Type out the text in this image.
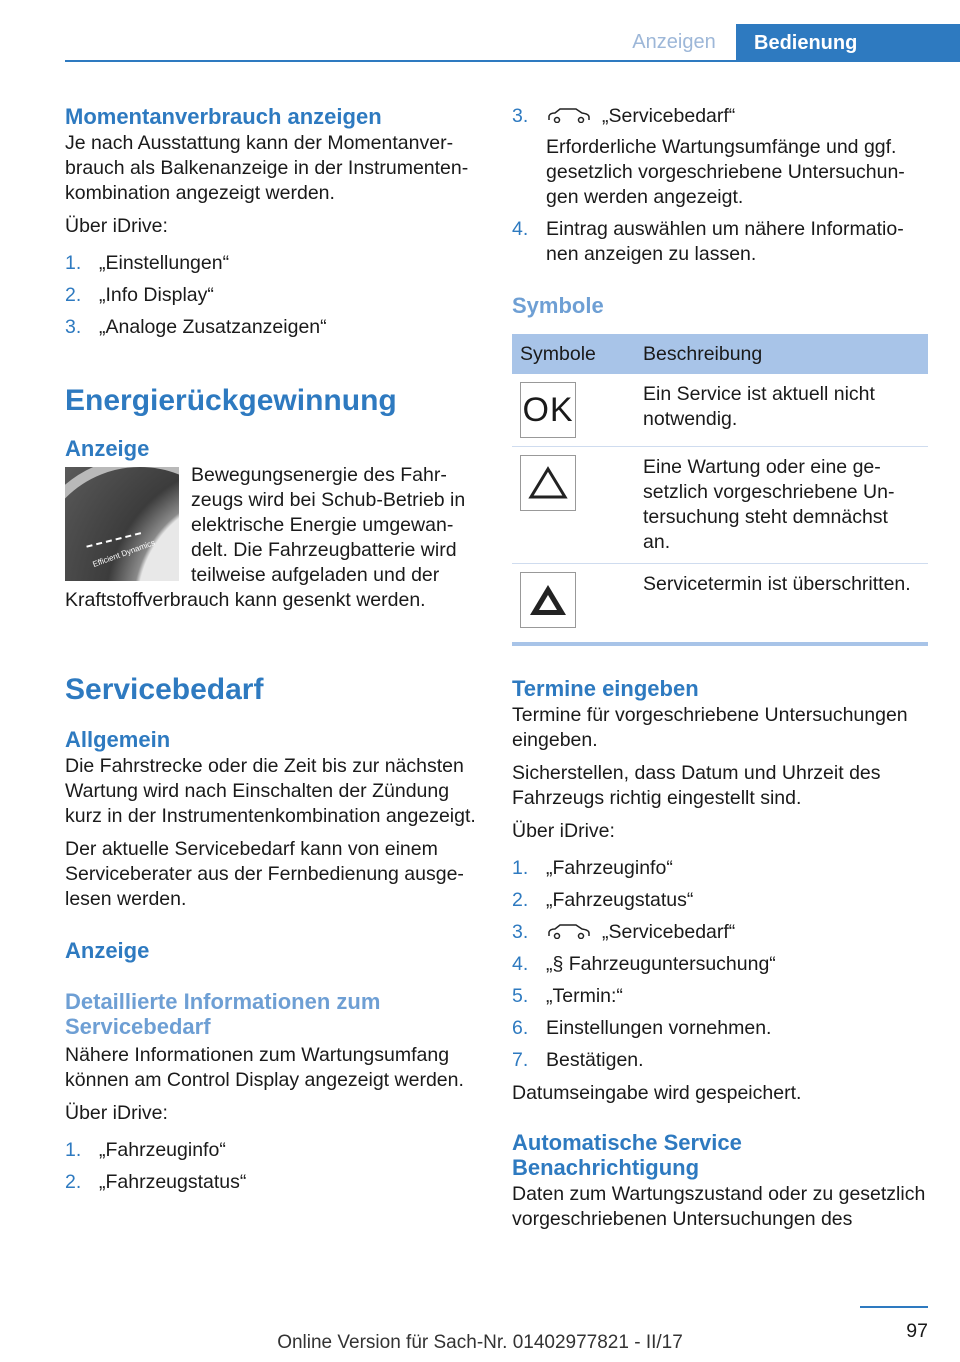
Anzeigen	Bedienung
Momentanverbrauch anzeigen

Je nach Ausstattung kann der Momentanverbrauch als Balkenanzeige in der Instrumentenkombination angezeigt werden.

Über iDrive:

1. „Einstellungen“
2. „Info Display“
3. „Analoge Zusatzanzeigen“
Energierückgewinnung
Anzeige
Efficient Dynamics

Bewegungsenergie des Fahrzeugs wird bei Schub-Betrieb in elektrische Energie umgewandelt. Die Fahrzeugbatterie wird teilweise aufgeladen und der Kraftstoffverbrauch kann gesenkt werden.

Servicebedarf
Allgemein

Die Fahrstrecke oder die Zeit bis zur nächsten Wartung wird nach Einschalten der Zündung kurz in der Instrumentenkombination angezeigt.

Der aktuelle Servicebedarf kann von einem Serviceberater aus der Fernbedienung ausgelesen werden.

Anzeige
Detaillierte Informationen zum Servicebedarf

Nähere Informationen zum Wartungsumfang können am Control Display angezeigt werden.

Über iDrive:

1. „Fahrzeuginfo“
2. „Fahrzeugstatus“
3.	„Servicebedarf“

Erforderliche Wartungsumfänge und ggf. gesetzlich vorgeschriebene Untersuchungen werden angezeigt.
4. Eintrag auswählen um nähere Informationen anzeigen zu lassen.
Symbole
Symbole	Beschreibung

OK	Ein Service ist aktuell nicht notwendig.

	Eine Wartung oder eine gesetzlich vorgeschriebene Untersuchung steht demnächst an.

	Servicetermin ist überschritten.
Termine eingeben

Termine für vorgeschriebene Untersuchungen eingeben.

Sicherstellen, dass Datum und Uhrzeit des Fahrzeugs richtig eingestellt sind.

Über iDrive:

1. „Fahrzeuginfo“
2. „Fahrzeugstatus“
3.	„Servicebedarf“
4. „§ Fahrzeuguntersuchung“
5. „Termin:“
6. Einstellungen vornehmen.
7. Bestätigen.

Datumseingabe wird gespeichert.

Automatische Service Benachrichtigung

Daten zum Wartungszustand oder zu gesetzlich vorgeschriebenen Untersuchungen des

97
Online Version für Sach-Nr. 01402977821 - II/17
